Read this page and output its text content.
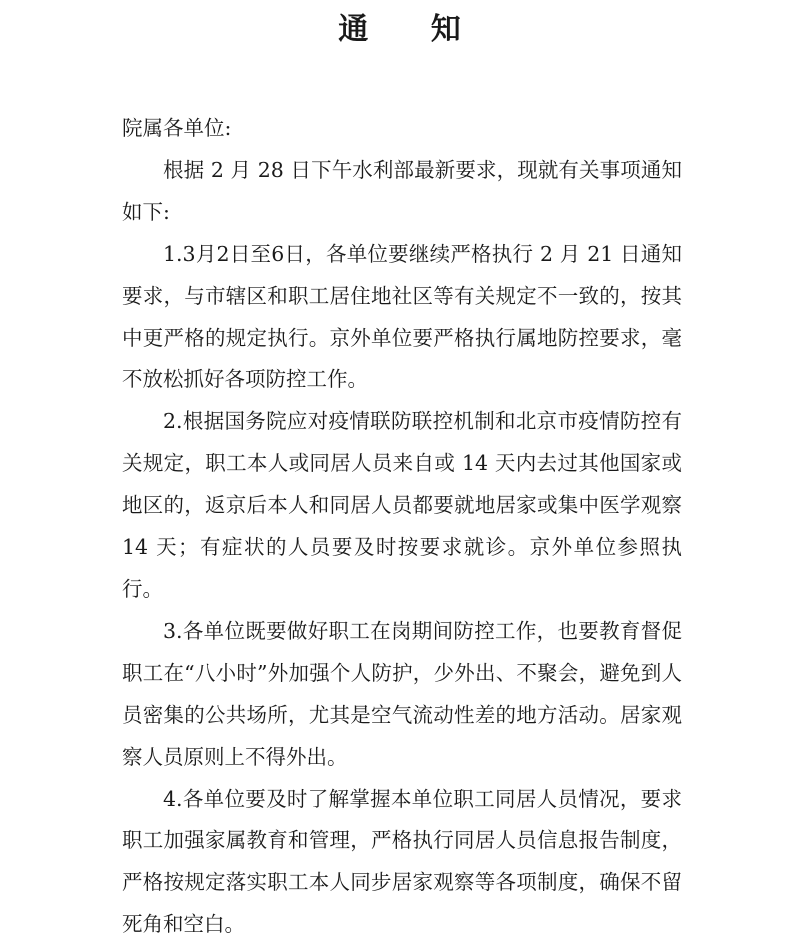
通 知

院属各单位:

根据 2 月 28 日下午水利部最新要求，现就有关事项通知如下:

1.3月2日至6日，各单位要继续严格执行 2 月 21 日通知要求，与市辖区和职工居住地社区等有关规定不一致的，按其中更严格的规定执行。京外单位要严格执行属地防控要求，毫不放松抓好各项防控工作。

2.根据国务院应对疫情联防联控机制和北京市疫情防控有关规定，职工本人或同居人员来自或 14 天内去过其他国家或地区的，返京后本人和同居人员都要就地居家或集中医学观察 14 天；有症状的人员要及时按要求就诊。京外单位参照执行。

3.各单位既要做好职工在岗期间防控工作，也要教育督促职工在“八小时”外加强个人防护，少外出、不聚会，避免到人员密集的公共场所，尤其是空气流动性差的地方活动。居家观察人员原则上不得外出。

4.各单位要及时了解掌握本单位职工同居人员情况，要求职工加强家属教育和管理，严格执行同居人员信息报告制度，严格按规定落实职工本人同步居家观察等各项制度，确保不留死角和空白。
